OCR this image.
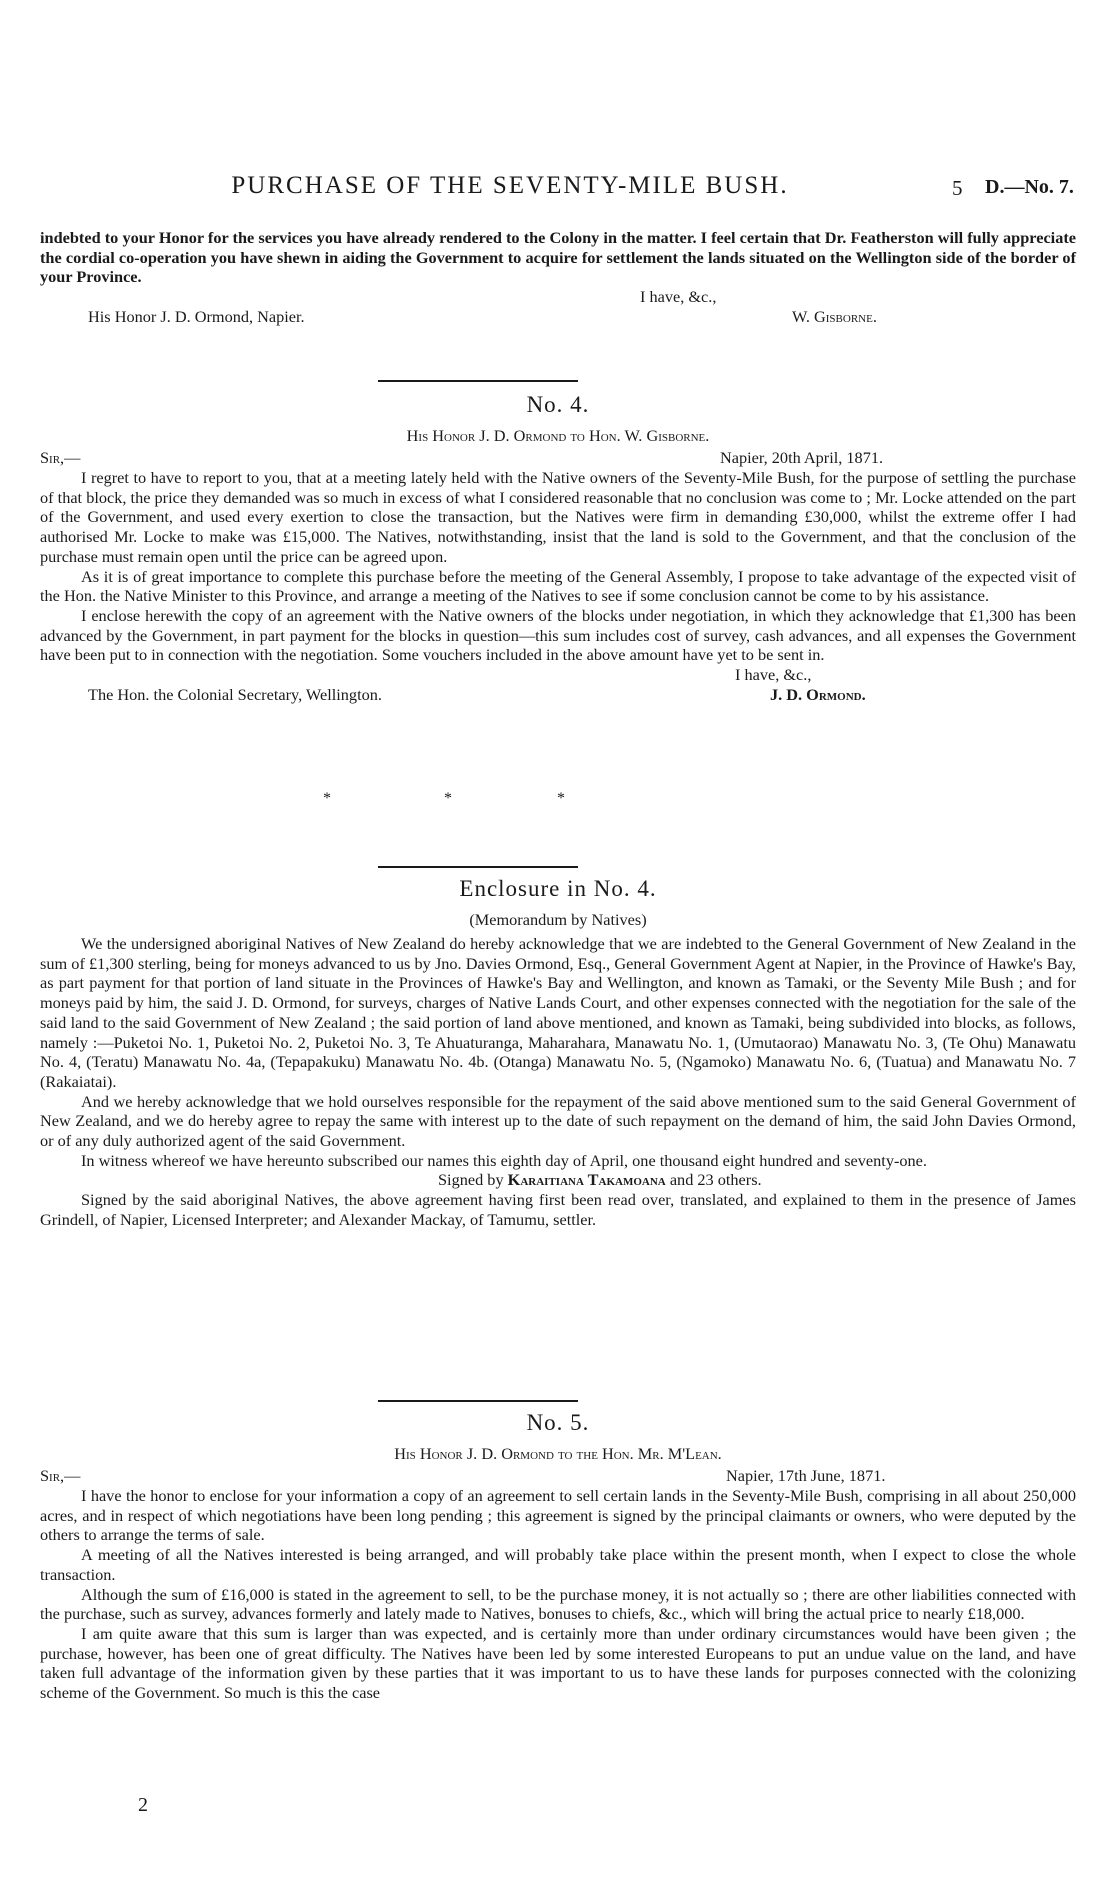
PURCHASE OF THE SEVENTY-MILE BUSH.	5 D.—No. 7.

indebted to your Honor for the services you have already rendered to the Colony in the matter. I feel certain that Dr. Featherston will fully appreciate the cordial co-operation you have shewn in aiding the Government to acquire for settlement the lands situated on the Wellington side of the border of your Province.

I have, &c.,
His Honor J. D. Ormond, Napier.	W. Gisborne.
No. 4.
His Honor J. D. Ormond to Hon. W. Gisborne.
Sir,—	Napier, 20th April, 1871.

I regret to have to report to you, that at a meeting lately held with the Native owners of the Seventy-Mile Bush, for the purpose of settling the purchase of that block, the price they demanded was so much in excess of what I considered reasonable that no conclusion was come to ; Mr. Locke attended on the part of the Government, and used every exertion to close the transaction, but the Natives were firm in demanding £30,000, whilst the extreme offer I had authorised Mr. Locke to make was £15,000. The Natives, notwithstanding, insist that the land is sold to the Government, and that the conclusion of the purchase must remain open until the price can be agreed upon.

As it is of great importance to complete this purchase before the meeting of the General Assembly, I propose to take advantage of the expected visit of the Hon. the Native Minister to this Province, and arrange a meeting of the Natives to see if some conclusion cannot be come to by his assistance.

I enclose herewith the copy of an agreement with the Native owners of the blocks under negotiation, in which they acknowledge that £1,300 has been advanced by the Government, in part payment for the blocks in question—this sum includes cost of survey, cash advances, and all expenses the Government have been put to in connection with the negotiation. Some vouchers included in the above amount have yet to be sent in.

I have, &c.,
The Hon. the Colonial Secretary, Wellington.	J. D. Ormond.
*	*	*
Enclosure in No. 4.
(Memorandum by Natives)

We the undersigned aboriginal Natives of New Zealand do hereby acknowledge that we are indebted to the General Government of New Zealand in the sum of £1,300 sterling, being for moneys advanced to us by Jno. Davies Ormond, Esq., General Government Agent at Napier, in the Province of Hawke's Bay, as part payment for that portion of land situate in the Provinces of Hawke's Bay and Wellington, and known as Tamaki, or the Seventy Mile Bush ; and for moneys paid by him, the said J. D. Ormond, for surveys, charges of Native Lands Court, and other expenses connected with the negotiation for the sale of the said land to the said Government of New Zealand ; the said portion of land above mentioned, and known as Tamaki, being subdivided into blocks, as follows, namely :—Puketoi No. 1, Puketoi No. 2, Puketoi No. 3, Te Ahuaturanga, Maharahara, Manawatu No. 1, (Umutaorao) Manawatu No. 3, (Te Ohu) Manawatu No. 4, (Teratu) Manawatu No. 4a, (Tepapakuku) Manawatu No. 4b. (Otanga) Manawatu No. 5, (Ngamoko) Manawatu No. 6, (Tuatua) and Manawatu No. 7 (Rakaiatai).

And we hereby acknowledge that we hold ourselves responsible for the repayment of the said above mentioned sum to the said General Government of New Zealand, and we do hereby agree to repay the same with interest up to the date of such repayment on the demand of him, the said John Davies Ormond, or of any duly authorized agent of the said Government.

In witness whereof we have hereunto subscribed our names this eighth day of April, one thousand eight hundred and seventy-one.

Signed by Karaitiana Takamoana and 23 others.

Signed by the said aboriginal Natives, the above agreement having first been read over, translated, and explained to them in the presence of James Grindell, of Napier, Licensed Interpreter; and Alexander Mackay, of Tamumu, settler.

No. 5.
His Honor J. D. Ormond to the Hon. Mr. M'Lean.
Sir,—	Napier, 17th June, 1871.

I have the honor to enclose for your information a copy of an agreement to sell certain lands in the Seventy-Mile Bush, comprising in all about 250,000 acres, and in respect of which negotiations have been long pending ; this agreement is signed by the principal claimants or owners, who were deputed by the others to arrange the terms of sale.

A meeting of all the Natives interested is being arranged, and will probably take place within the present month, when I expect to close the whole transaction.

Although the sum of £16,000 is stated in the agreement to sell, to be the purchase money, it is not actually so ; there are other liabilities connected with the purchase, such as survey, advances formerly and lately made to Natives, bonuses to chiefs, &c., which will bring the actual price to nearly £18,000.

I am quite aware that this sum is larger than was expected, and is certainly more than under ordinary circumstances would have been given ; the purchase, however, has been one of great difficulty. The Natives have been led by some interested Europeans to put an undue value on the land, and have taken full advantage of the information given by these parties that it was important to us to have these lands for purposes connected with the colonizing scheme of the Government. So much is this the case

2
